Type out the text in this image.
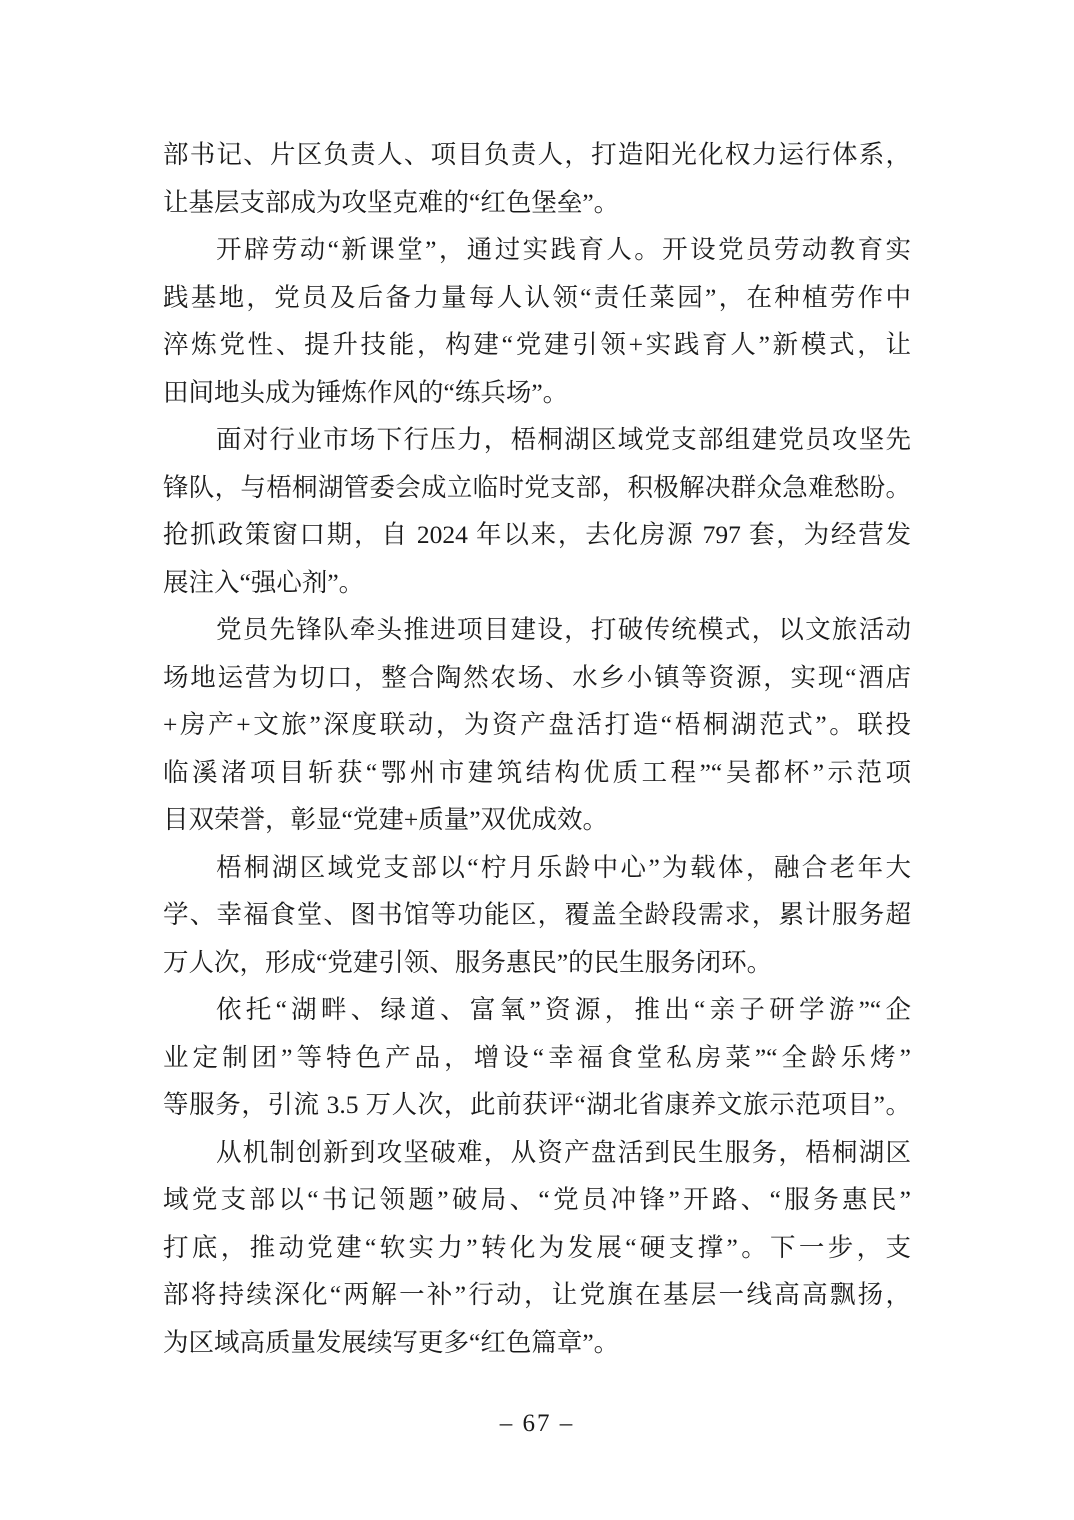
部书记、片区负责人、项目负责人，打造阳光化权力运行体系，
让基层支部成为攻坚克难的“红色堡垒”。
开辟劳动“新课堂”，通过实践育人。开设党员劳动教育实
践基地，党员及后备力量每人认领“责任菜园”，在种植劳作中
淬炼党性、提升技能，构建“党建引领+实践育人”新模式，让
田间地头成为锤炼作风的“练兵场”。
面对行业市场下行压力，梧桐湖区域党支部组建党员攻坚先
锋队，与梧桐湖管委会成立临时党支部，积极解决群众急难愁盼。
抢抓政策窗口期，自 2024 年以来，去化房源 797 套，为经营发
展注入“强心剂”。
党员先锋队牵头推进项目建设，打破传统模式，以文旅活动
场地运营为切口，整合陶然农场、水乡小镇等资源，实现“酒店
+房产+文旅”深度联动，为资产盘活打造“梧桐湖范式”。联投
临溪渚项目斩获“鄂州市建筑结构优质工程”“吴都杯”示范项
目双荣誉，彰显“党建+质量”双优成效。
梧桐湖区域党支部以“柠月乐龄中心”为载体，融合老年大
学、幸福食堂、图书馆等功能区，覆盖全龄段需求，累计服务超
万人次，形成“党建引领、服务惠民”的民生服务闭环。
依托“湖畔、绿道、富氧”资源，推出“亲子研学游”“企
业定制团”等特色产品，增设“幸福食堂私房菜”“全龄乐烤”
等服务，引流 3.5 万人次，此前获评“湖北省康养文旅示范项目”。
从机制创新到攻坚破难，从资产盘活到民生服务，梧桐湖区
域党支部以“书记领题”破局、“党员冲锋”开路、“服务惠民”
打底，推动党建“软实力”转化为发展“硬支撑”。下一步，支
部将持续深化“两解一补”行动，让党旗在基层一线高高飘扬，
为区域高质量发展续写更多“红色篇章”。
– 67 –
